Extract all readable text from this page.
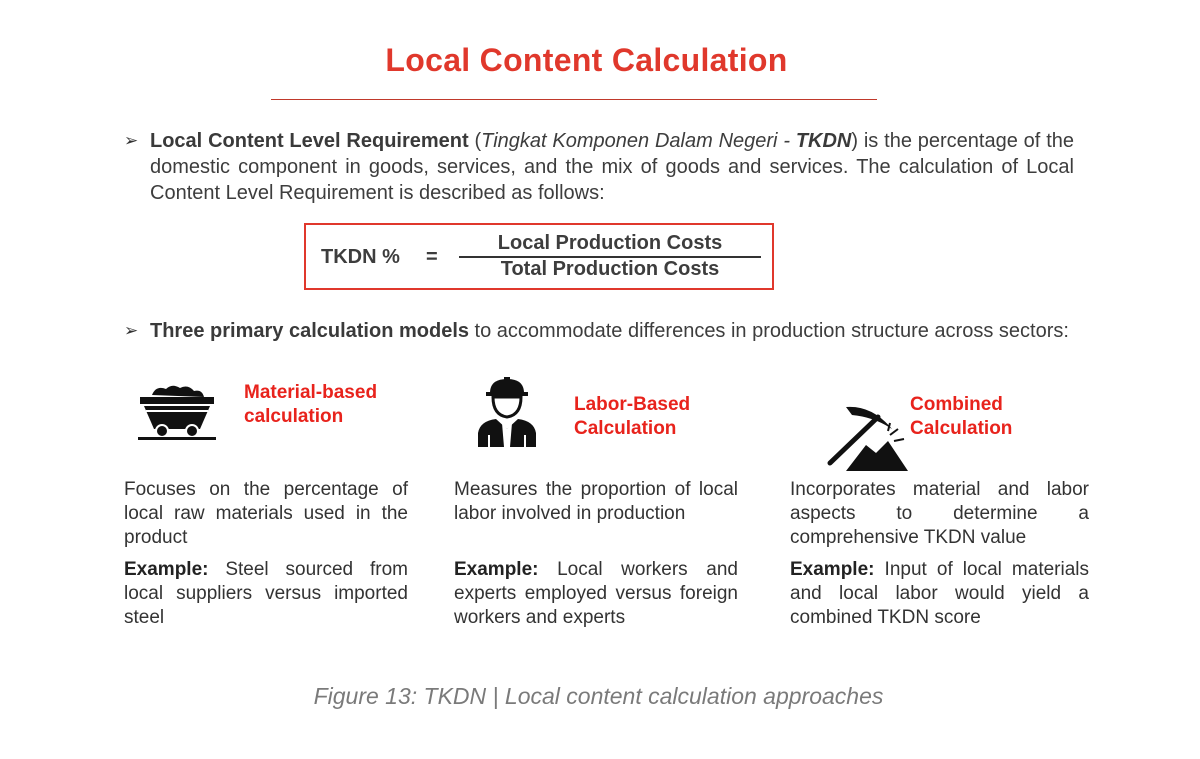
Local Content Calculation
➢ Local Content Level Requirement (Tingkat Komponen Dalam Negeri - TKDN) is the percentage of the domestic component in goods, services, and the mix of goods and services. The calculation of Local Content Level Requirement is described as follows:
TKDN % =
Local Production Costs
Total Production Costs
➢ Three primary calculation models to accommodate differences in production structure across sectors:
Material-based calculation
Focuses on the percentage of local raw materials used in the product
Example: Steel sourced from local suppliers versus imported steel
Labor-Based Calculation
Measures the proportion of local labor involved in production
Example: Local workers and experts employed versus foreign workers and experts
Combined Calculation
Incorporates material and labor aspects to determine a comprehensive TKDN value
Example: Input of local materials and local labor would yield a combined TKDN score
Figure 13: TKDN | Local content calculation approaches
